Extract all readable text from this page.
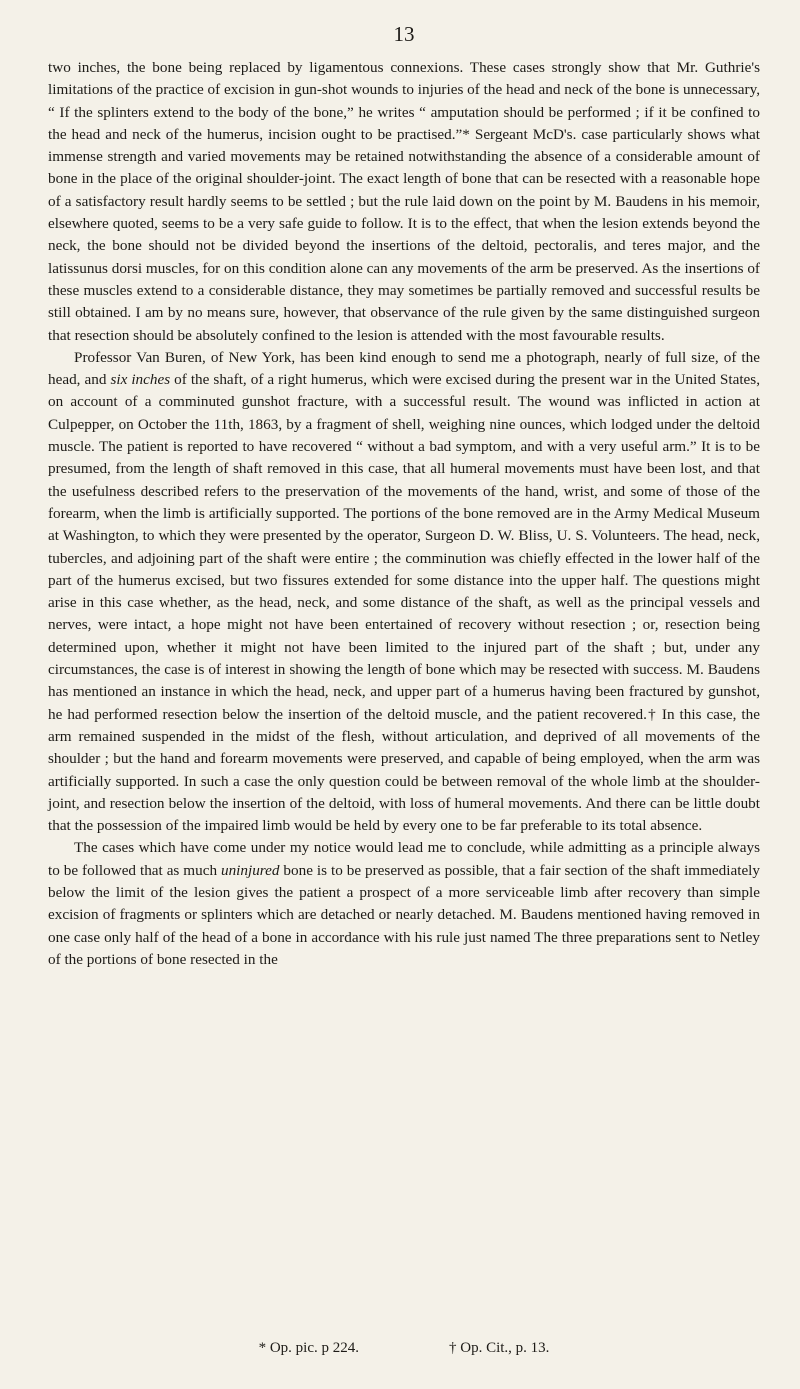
13

two inches, the bone being replaced by ligamentous connexions. These cases strongly show that Mr. Guthrie's limitations of the practice of excision in gun-shot wounds to injuries of the head and neck of the bone is unnecessary, “ If the splinters extend to the body of the bone,” he writes “ amputation should be performed ; if it be confined to the head and neck of the humerus, incision ought to be practised.”* Sergeant McD's. case particularly shows what immense strength and varied movements may be retained notwithstanding the absence of a considerable amount of bone in the place of the original shoulder-joint. The exact length of bone that can be resected with a reasonable hope of a satisfactory result hardly seems to be settled ; but the rule laid down on the point by M. Baudens in his memoir, elsewhere quoted, seems to be a very safe guide to follow. It is to the effect, that when the lesion extends beyond the neck, the bone should not be divided beyond the insertions of the deltoid, pectoralis, and teres major, and the latissunus dorsi muscles, for on this condition alone can any movements of the arm be preserved. As the insertions of these muscles extend to a considerable distance, they may sometimes be partially removed and successful results be still obtained. I am by no means sure, however, that observance of the rule given by the same distinguished surgeon that resection should be absolutely confined to the lesion is attended with the most favourable results.

Professor Van Buren, of New York, has been kind enough to send me a photograph, nearly of full size, of the head, and six inches of the shaft, of a right humerus, which were excised during the present war in the United States, on account of a comminuted gunshot fracture, with a successful result. The wound was inflicted in action at Culpepper, on October the 11th, 1863, by a fragment of shell, weighing nine ounces, which lodged under the deltoid muscle. The patient is reported to have recovered “ without a bad symptom, and with a very useful arm.” It is to be presumed, from the length of shaft removed in this case, that all humeral movements must have been lost, and that the usefulness described refers to the preservation of the movements of the hand, wrist, and some of those of the forearm, when the limb is artificially supported. The portions of the bone removed are in the Army Medical Museum at Washington, to which they were presented by the operator, Surgeon D. W. Bliss, U. S. Volunteers. The head, neck, tubercles, and adjoining part of the shaft were entire ; the comminution was chiefly effected in the lower half of the part of the humerus excised, but two fissures extended for some distance into the upper half. The questions might arise in this case whether, as the head, neck, and some distance of the shaft, as well as the principal vessels and nerves, were intact, a hope might not have been entertained of recovery without resection ; or, resection being determined upon, whether it might not have been limited to the injured part of the shaft ; but, under any circumstances, the case is of interest in showing the length of bone which may be resected with success. M. Baudens has mentioned an instance in which the head, neck, and upper part of a humerus having been fractured by gunshot, he had performed resection below the insertion of the deltoid muscle, and the patient recovered.† In this case, the arm remained suspended in the midst of the flesh, without articulation, and deprived of all movements of the shoulder ; but the hand and forearm movements were preserved, and capable of being employed, when the arm was artificially supported. In such a case the only question could be between removal of the whole limb at the shoulder-joint, and resection below the insertion of the deltoid, with loss of humeral movements. And there can be little doubt that the possession of the impaired limb would be held by every one to be far preferable to its total absence.

The cases which have come under my notice would lead me to conclude, while admitting as a principle always to be followed that as much uninjured bone is to be preserved as possible, that a fair section of the shaft immediately below the limit of the lesion gives the patient a prospect of a more serviceable limb after recovery than simple excision of fragments or splinters which are detached or nearly detached. M. Baudens mentioned having removed in one case only half of the head of a bone in accordance with his rule just named The three preparations sent to Netley of the portions of bone resected in the

* Op. pic. p 224.	† Op. Cit., p. 13.
